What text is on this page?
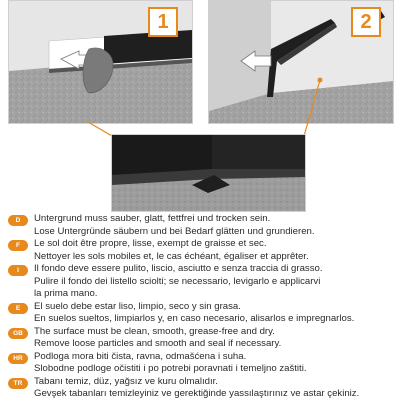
1	2
D	Untergrund muss sauber, glatt, fettfrei und trocken sein.
Lose Untergründe säubern und bei Bedarf glätten und grundieren.
F	Le sol doit être propre, lisse, exempt de graisse et sec.
Nettoyer les sols mobiles et, le cas échéant, égaliser et apprêter.
I	Il fondo deve essere pulito, liscio, asciutto e senza traccia di grasso.
Pulire il fondo dei listello sciolti; se necessario, levigarlo e applicarvi
la prima mano.
E	El suelo debe estar liso, limpio, seco y sin grasa.
En suelos sueltos, limpiarlos y, en caso necesario, alisarlos e impregnarlos.
GB	The surface must be clean, smooth, grease-free and dry.
Remove loose particles and smooth and seal if necessary.
HR	Podloga mora biti čista, ravna, odmašćena i suha.
Slobodne podloge očistiti i po potrebi poravnati i temeljno zaštiti.
TR	Tabanı temiz, düz, yağsız ve kuru olmalıdır.
Gevşek tabanları temizleyiniz ve gerektiğinde yassılaştırınız ve astar çekiniz.
